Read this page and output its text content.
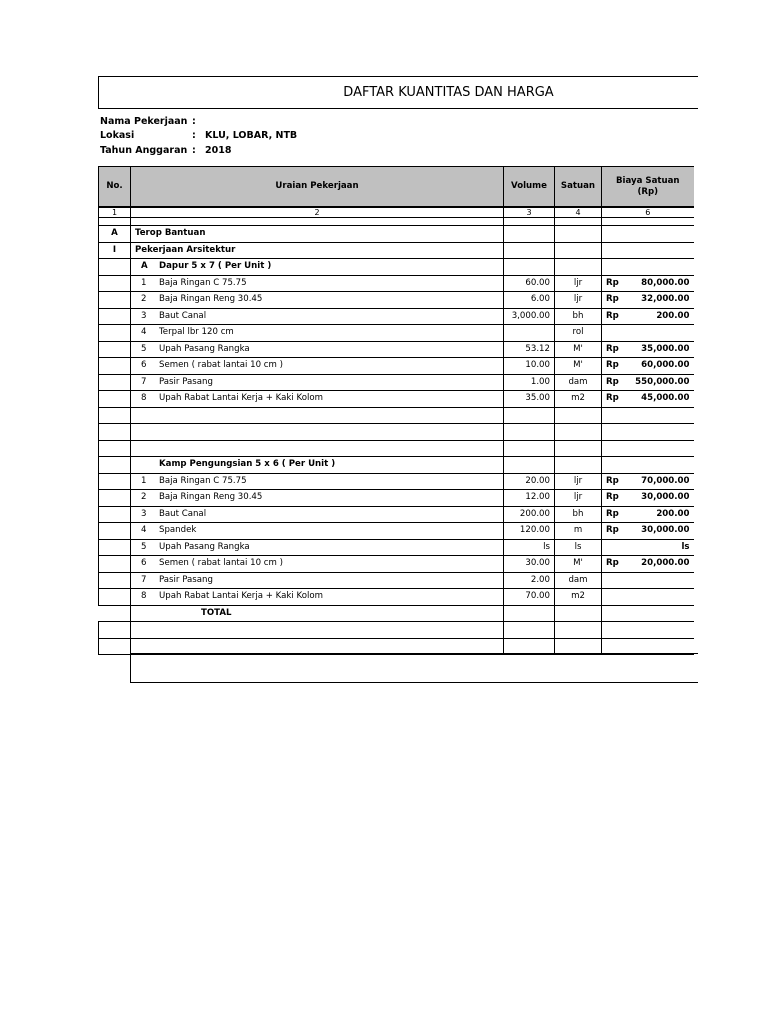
DAFTAR KUANTITAS DAN HARGA
Nama Pekerjaan :
Lokasi	: KLU, LOBAR, NTB
Tahun Anggaran : 2018
No.	Uraian Pekerjaan	Volume	Satuan	Biaya Satuan (Rp)
1	2	3	4	6

A	Terop Bantuan			
I	Pekerjaan Arsitektur			
	A Dapur 5 x 7 ( Per Unit )			
	1 Baja Ringan C 75.75	60.00	ljr	Rp 80,000.00

	2 Baja Ringan Reng 30.45	6.00	ljr	Rp 32,000.00

	3 Baut Canal	3,000.00	bh	Rp 200.00

	4 Terpal lbr 120 cm		rol	

	5 Upah Pasang Rangka	53.12	M'	Rp 35,000.00

	6 Semen ( rabat lantai 10 cm )	10.00	M'	Rp 60,000.00

	7 Pasir Pasang	1.00	dam	Rp 550,000.00

	8 Upah Rabat Lantai Kerja + Kaki Kolom	35.00	m2	Rp 45,000.00

	Kamp Pengungsian 5 x 6 ( Per Unit )			
	1 Baja Ringan C 75.75	20.00	ljr	Rp 70,000.00

	2 Baja Ringan Reng 30.45	12.00	ljr	Rp 30,000.00

	3 Baut Canal	200.00	bh	Rp 200.00

	4 Spandek	120.00	m	Rp 30,000.00

	5 Upah Pasang Rangka	ls	ls	ls

	6 Semen ( rabat lantai 10 cm )	30.00	M'	Rp 20,000.00

	7 Pasir Pasang	2.00	dam	

	8 Upah Rabat Lantai Kerja + Kaki Kolom	70.00	m2	

	TOTAL			
